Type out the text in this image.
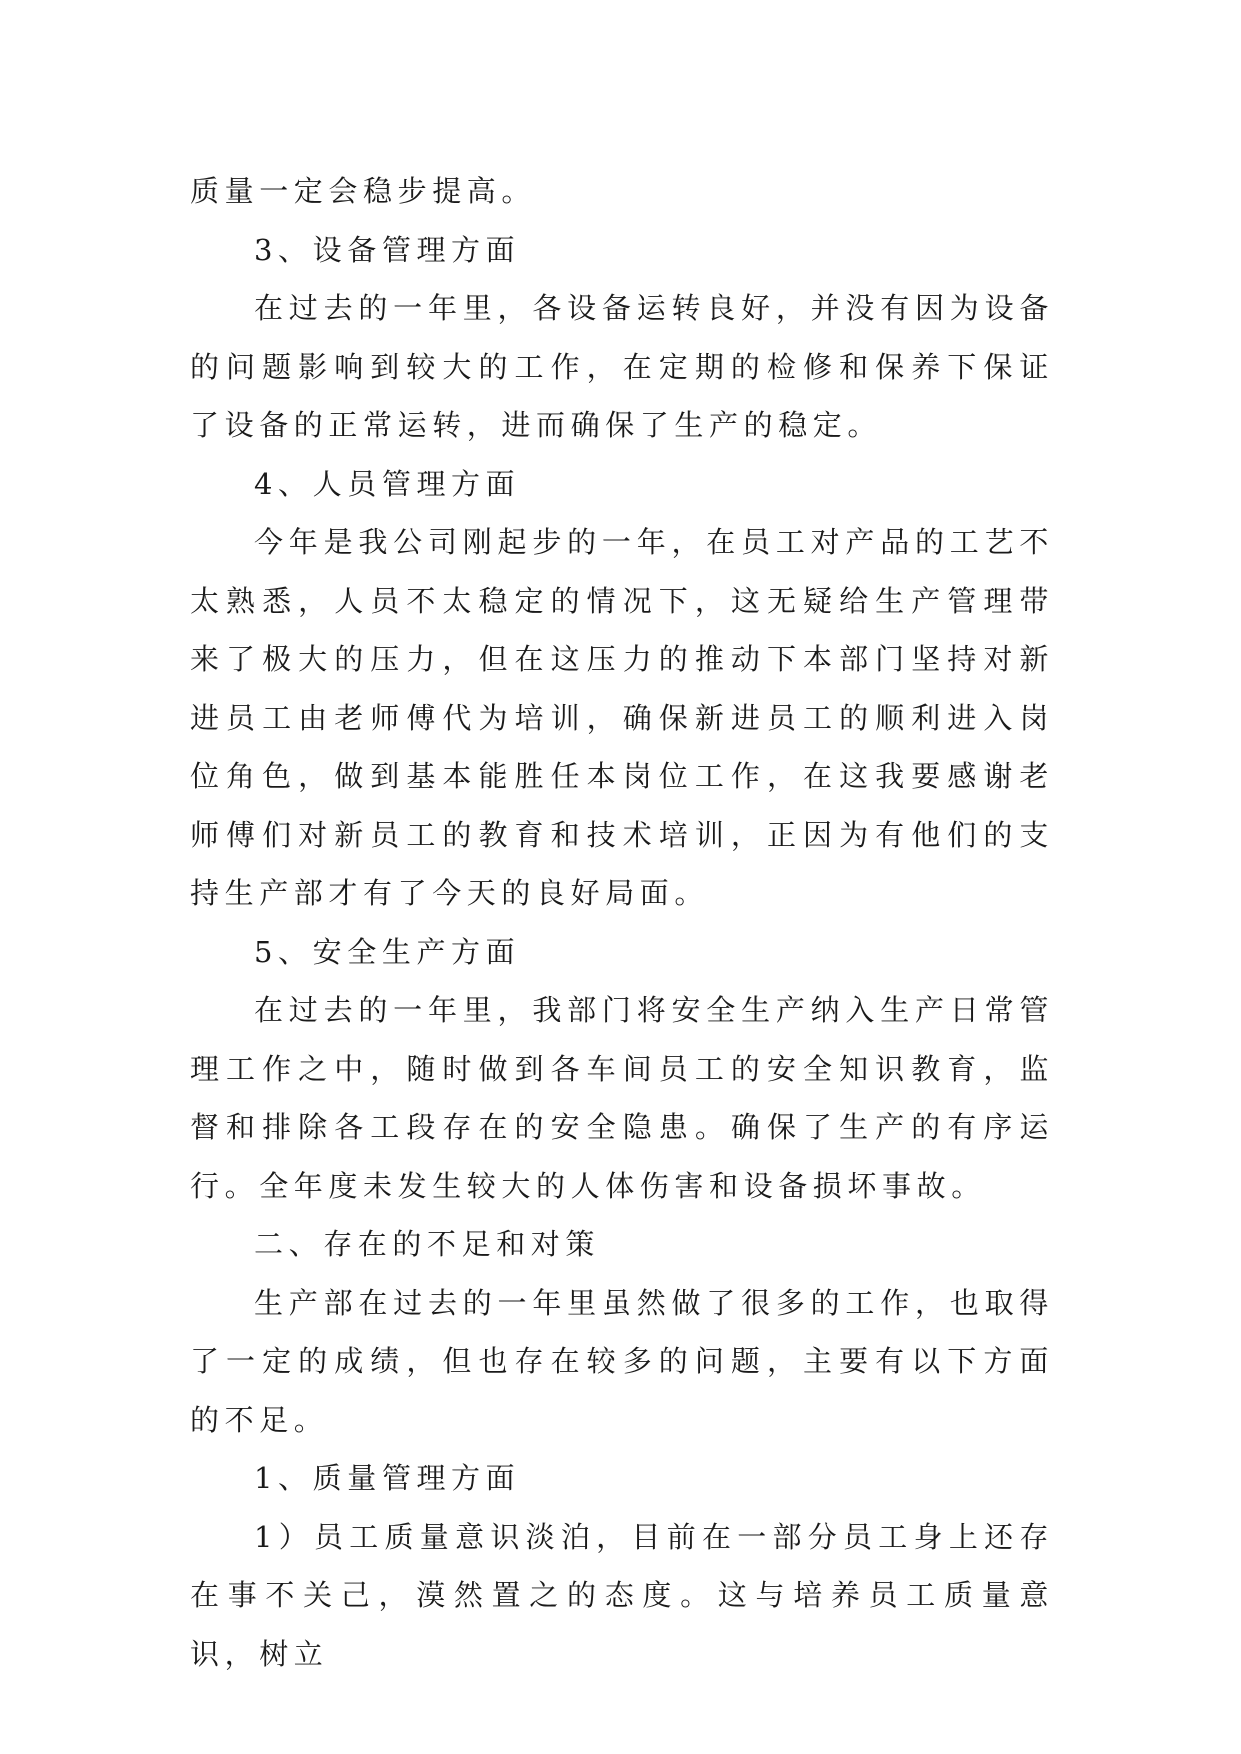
质量一定会稳步提高。

3、设备管理方面

在过去的一年里，各设备运转良好，并没有因为设备的问题影响到较大的工作，在定期的检修和保养下保证了设备的正常运转，进而确保了生产的稳定。

4、人员管理方面

今年是我公司刚起步的一年，在员工对产品的工艺不太熟悉，人员不太稳定的情况下，这无疑给生产管理带来了极大的压力，但在这压力的推动下本部门坚持对新进员工由老师傅代为培训，确保新进员工的顺利进入岗位角色，做到基本能胜任本岗位工作，在这我要感谢老师傅们对新员工的教育和技术培训，正因为有他们的支持生产部才有了今天的良好局面。

5、安全生产方面

在过去的一年里，我部门将安全生产纳入生产日常管理工作之中，随时做到各车间员工的安全知识教育，监督和排除各工段存在的安全隐患。确保了生产的有序运行。全年度未发生较大的人体伤害和设备损坏事故。

二、存在的不足和对策

生产部在过去的一年里虽然做了很多的工作，也取得了一定的成绩，但也存在较多的问题，主要有以下方面的不足。

1、质量管理方面

1）员工质量意识淡泊，目前在一部分员工身上还存在事不关己，漠然置之的态度。这与培养员工质量意识，树立
